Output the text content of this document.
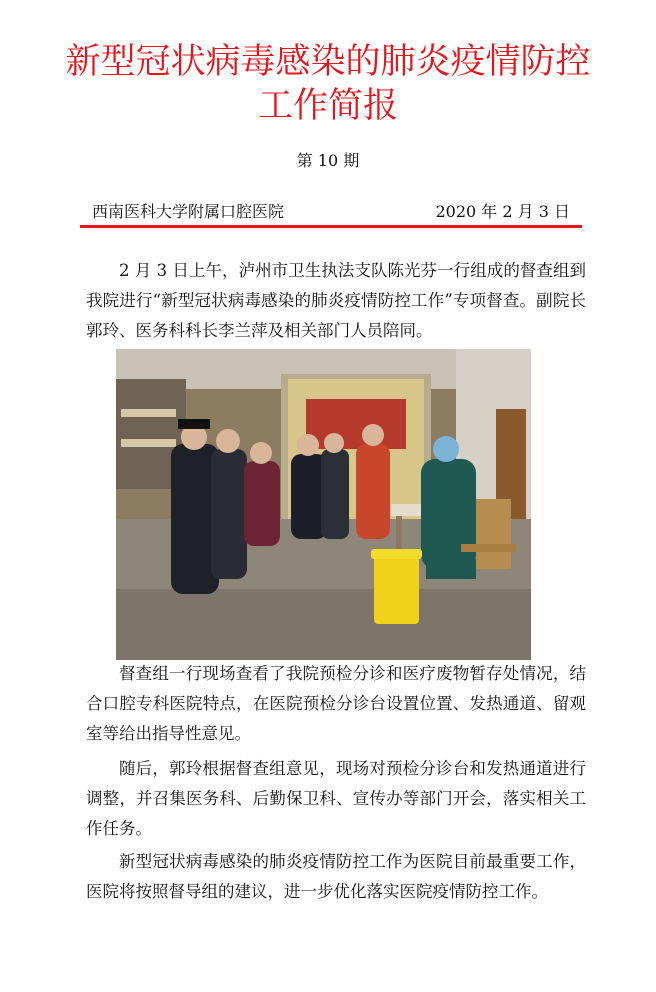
新型冠状病毒感染的肺炎疫情防控
工作简报
第 10 期
西南医科大学附属口腔医院	2020 年 2 月 3 日
2 月 3 日上午，泸州市卫生执法支队陈光芬一行组成的督查组到我院进行“新型冠状病毒感染的肺炎疫情防控工作”专项督查。副院长郭玲、医务科科长李兰萍及相关部门人员陪同。
督查组一行现场查看了我院预检分诊和医疗废物暂存处情况，结合口腔专科医院特点，在医院预检分诊台设置位置、发热通道、留观室等给出指导性意见。
随后，郭玲根据督查组意见，现场对预检分诊台和发热通道进行调整，并召集医务科、后勤保卫科、宣传办等部门开会，落实相关工作任务。
新型冠状病毒感染的肺炎疫情防控工作为医院目前最重要工作，医院将按照督导组的建议，进一步优化落实医院疫情防控工作。
